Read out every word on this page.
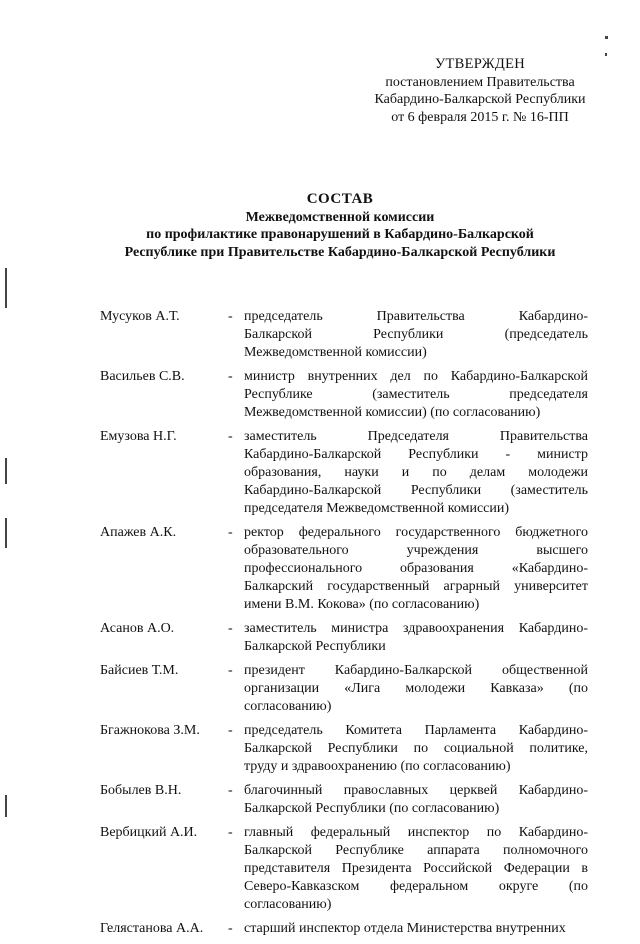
УТВЕРЖДЕН
постановлением Правительства
Кабардино-Балкарской Республики
от 6 февраля 2015 г. № 16-ПП
СОСТАВ
Межведомственной комиссии
по профилактике правонарушений в Кабардино-Балкарской
Республике при Правительстве Кабардино-Балкарской Республики
Мусуков А.Т.	- председатель Правительства Кабардино-
Балкарской Республики (председатель
Межведомственной комиссии)
Васильев С.В.	- министр внутренних дел по Кабардино-Балкарской
Республике (заместитель председателя
Межведомственной комиссии) (по согласованию)
Емузова Н.Г.	- заместитель Председателя Правительства
Кабардино-Балкарской Республики - министр
образования, науки и по делам молодежи
Кабардино-Балкарской Республики (заместитель
председателя Межведомственной комиссии)
Апажев А.К.	- ректор федерального государственного бюджетного
образовательного учреждения высшего
профессионального образования «Кабардино-
Балкарский государственный аграрный университет
имени В.М. Кокова» (по согласованию)
Асанов А.О.	- заместитель министра здравоохранения Кабардино-
Балкарской Республики
Байсиев Т.М.	- президент Кабардино-Балкарской общественной
организации «Лига молодежи Кавказа» (по
согласованию)
Бгажнокова З.М.	- председатель Комитета Парламента Кабардино-
Балкарской Республики по социальной политике,
труду и здравоохранению (по согласованию)
Бобылев В.Н.	- благочинный православных церквей Кабардино-
Балкарской Республики (по согласованию)
Вербицкий А.И.	- главный федеральный инспектор по Кабардино-
Балкарской Республике аппарата полномочного
представителя Президента Российской Федерации в
Северо-Кавказском федеральном округе (по
согласованию)
Гелястанова А.А.	- старший инспектор отдела Министерства внутренних
